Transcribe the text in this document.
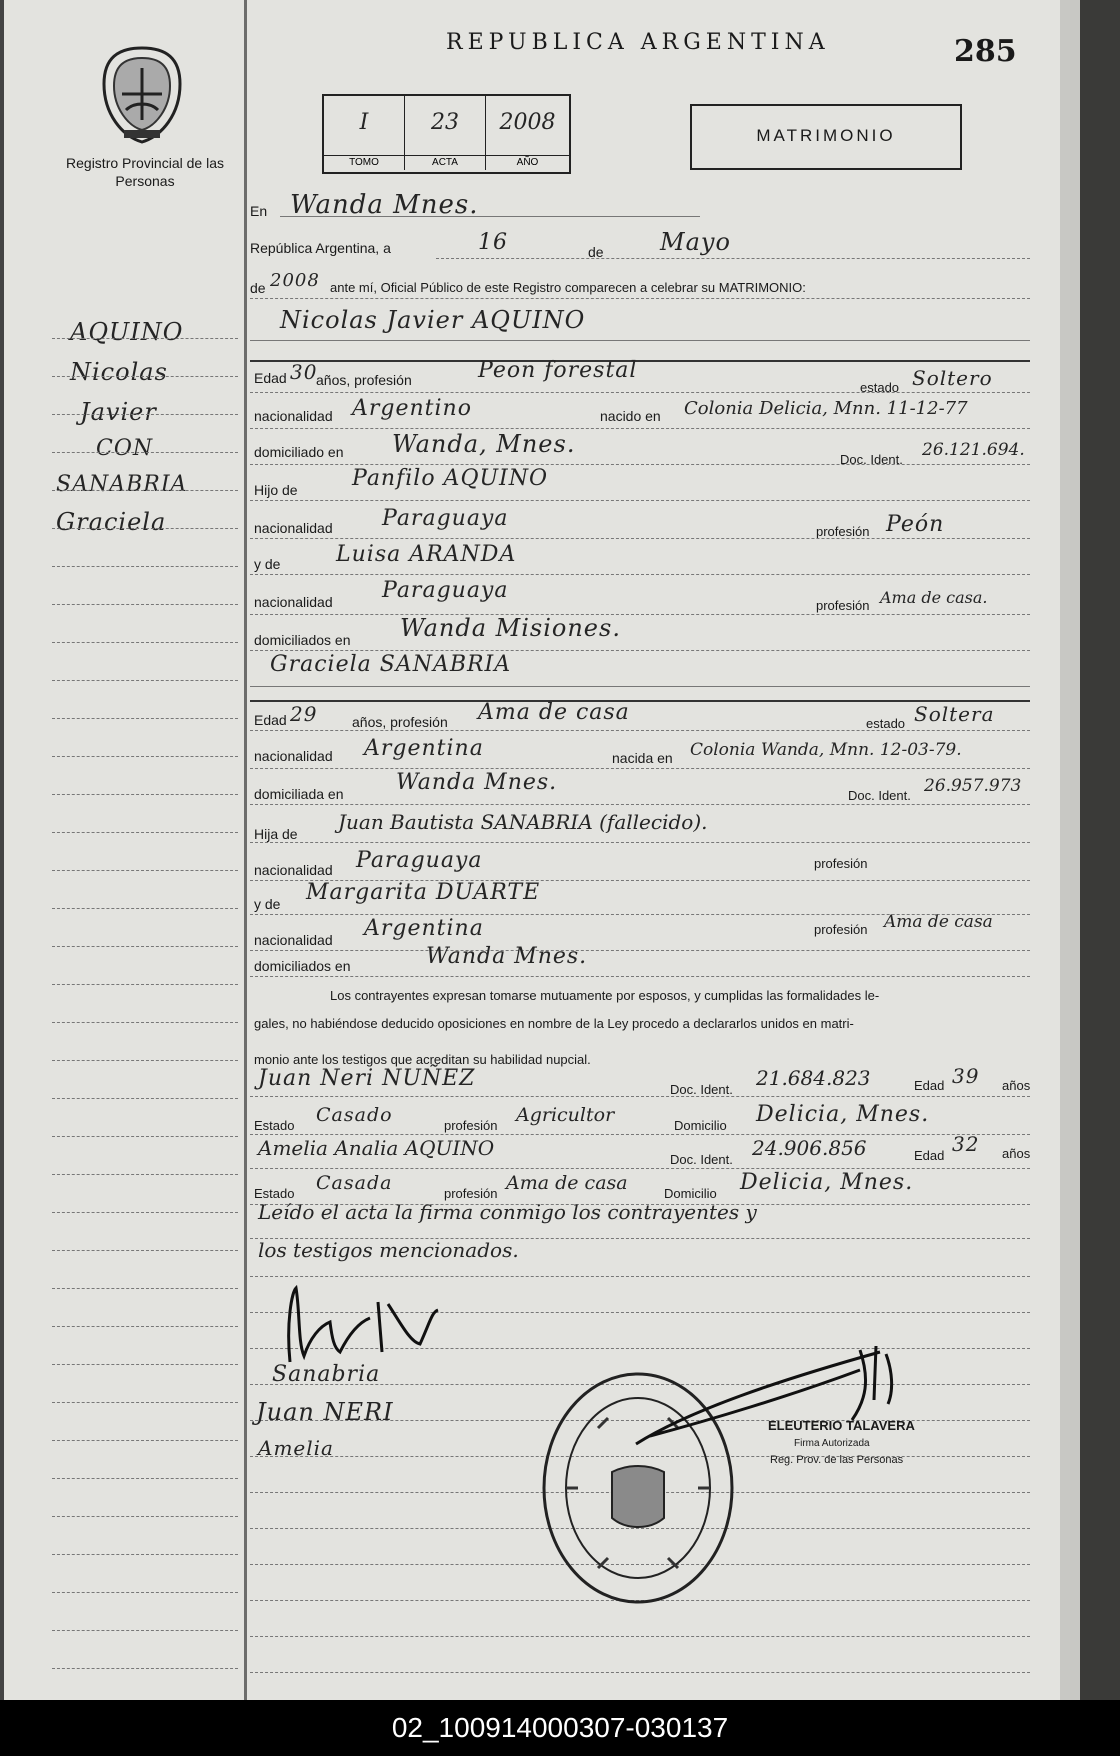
Registro Provincial de las Personas
REPUBLICA ARGENTINA	285
I
TOMO
23
ACTA
2008
AÑO
MATRIMONIO
En Wanda Mnes.
República Argentina, a	16	de Mayo
de 2008 ante mí, Oficial Público de este Registro comparecen a celebrar su MATRIMONIO:
Nicolas Javier AQUINO
AQUINO
Nicolas
Javier
CON
SANABRIA
Graciela
Edad 30
años, profesión	Peon forestal
estado Soltero
nacionalidad Argentino	nacido en Colonia Delicia, Mnn. 11-12-77
domiciliado en Wanda, Mnes.
Doc. Ident. 26.121.694.
Hijo de Panfilo AQUINO
nacionalidad Paraguaya
profesión Peón
y de	Luisa ARANDA
nacionalidad Paraguaya
profesión Ama de casa.
domiciliados en Wanda Misiones.
Graciela SANABRIA
Edad 29 años, profesión Ama de casa	estado Soltera
nacionalidad Argentina	nacida en Colonia Wanda, Mnn. 12-03-79.
domiciliada en Wanda Mnes.
Doc. Ident. 26.957.973
Hija de Juan Bautista SANABRIA (fallecido).
nacionalidad Paraguaya	profesión
y de Margarita DUARTE
nacionalidad Argentina	profesión Ama de casa
domiciliados en	Wanda Mnes.
Los contrayentes expresan tomarse mutuamente por esposos, y cumplidas las formalidades le-
gales, no habiéndose deducido oposiciones en nombre de la Ley procedo a declararlos unidos en matri-
monio ante los testigos que acreditan su habilidad nupcial.
Juan Neri NUÑEZ	Doc. Ident. 21.684.823	Edad 39 años
Estado Casado	profesión Agricultor	Domicilio Delicia, Mnes.
Amelia Analia AQUINO	Doc. Ident. 24.906.856	Edad 32 años
Estado Casada	profesión Ama de casa	Domicilio Delicia, Mnes.
Leído el acta la firma conmigo los contrayentes y
los testigos mencionados.
Sanabria
Juan NERI
Amelia
ELEUTERIO TALAVERA
Firma Autorizada
Reg. Prov. de las Personas
02_100914000307-030137
